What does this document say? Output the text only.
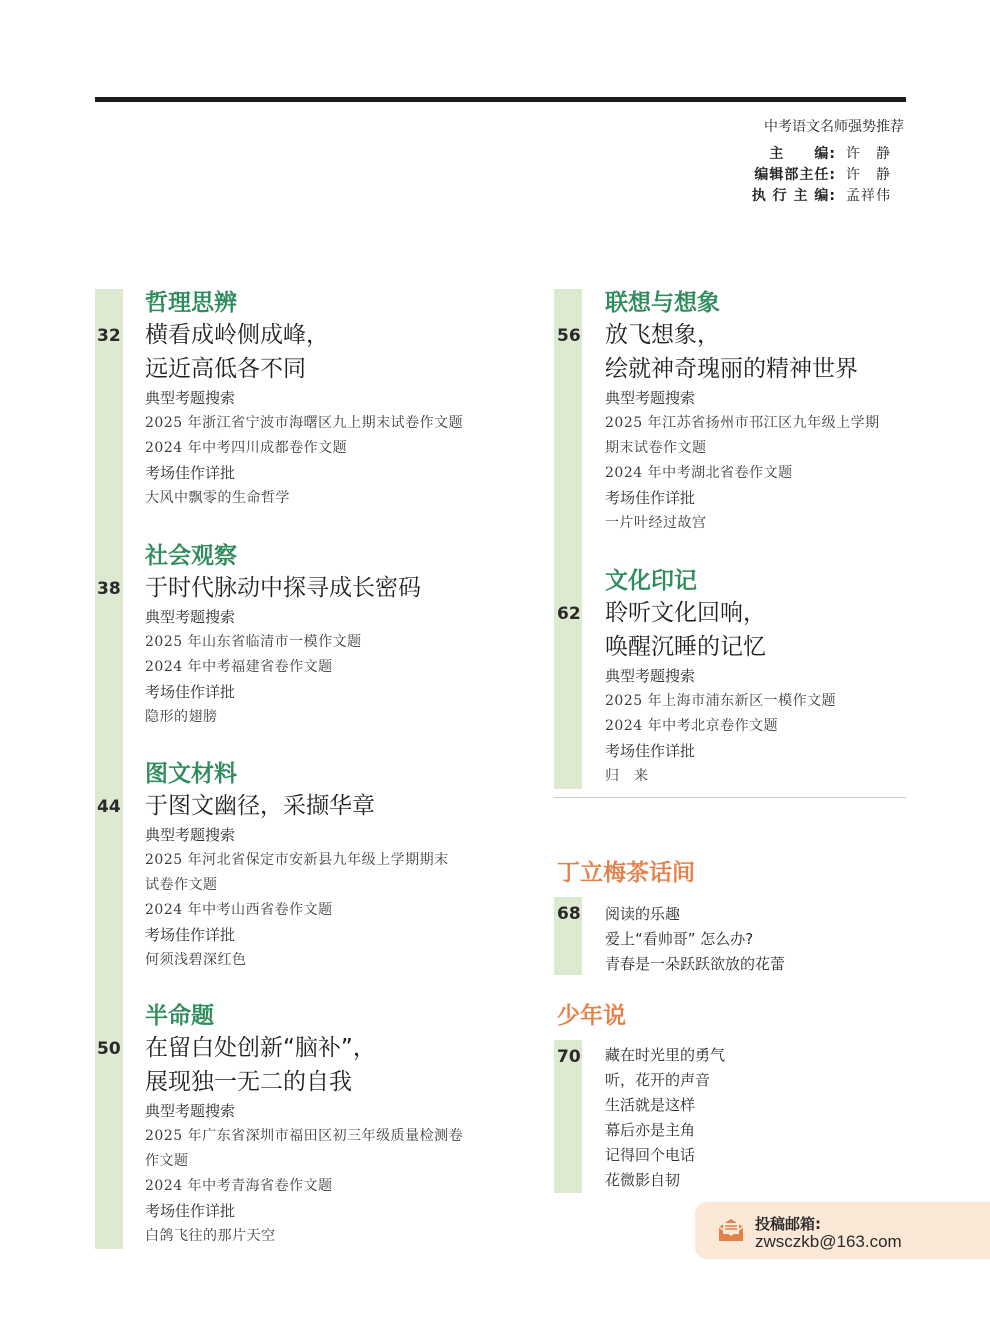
中考语文名师强势推荐
主　　编: 许　静
编辑部主任: 许　静
执 行 主 编: 孟祥伟
哲理思辨
32 横看成岭侧成峰，
远近高低各不同
典型考题搜索
2025 年浙江省宁波市海曙区九上期末试卷作文题
2024 年中考四川成都卷作文题
考场佳作详批
大风中飘零的生命哲学
社会观察
38 于时代脉动中探寻成长密码
典型考题搜索
2025 年山东省临清市一模作文题
2024 年中考福建省卷作文题
考场佳作详批
隐形的翅膀
图文材料
44 于图文幽径，采撷华章
典型考题搜索
2025 年河北省保定市安新县九年级上学期期末
试卷作文题
2024 年中考山西省卷作文题
考场佳作详批
何须浅碧深红色
半命题
50 在留白处创新“脑补”，
展现独一无二的自我
典型考题搜索
2025 年广东省深圳市福田区初三年级质量检测卷
作文题
2024 年中考青海省卷作文题
考场佳作详批
白鸽飞往的那片天空
联想与想象
56 放飞想象，
绘就神奇瑰丽的精神世界
典型考题搜索
2025 年江苏省扬州市邗江区九年级上学期
期末试卷作文题
2024 年中考湖北省卷作文题
考场佳作详批
一片叶经过故宫
文化印记
62 聆听文化回响，
唤醒沉睡的记忆
典型考题搜索
2025 年上海市浦东新区一模作文题
2024 年中考北京卷作文题
考场佳作详批
归　来
丁立梅茶话间
68 阅读的乐趣
爱上“看帅哥” 怎么办?
青春是一朵跃跃欲放的花蕾
少年说
70 藏在时光里的勇气
听，花开的声音
生活就是这样
幕后亦是主角
记得回个电话
花微影自韧
投稿邮箱:
zwsczkb@163.com
